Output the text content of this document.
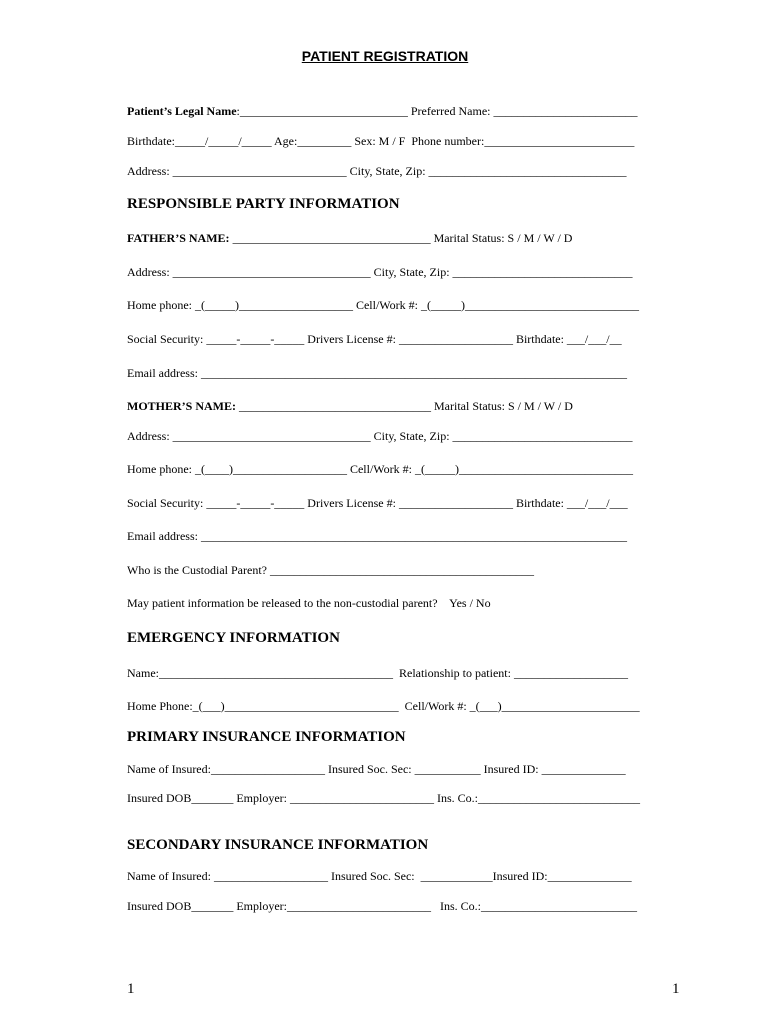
PATIENT REGISTRATION
Patient’s Legal Name:____________________________ Preferred Name: ________________________
Birthdate:_____/_____/_____ Age:_________ Sex: M / F  Phone number:_________________________
Address: _____________________________ City, State, Zip: _________________________________
RESPONSIBLE PARTY INFORMATION
FATHER’S NAME: _________________________________ Marital Status: S / M / W / D
Address: _________________________________ City, State, Zip: ______________________________
Home phone: _(_____)___________________ Cell/Work #: _(_____)_____________________________
Social Security: _____-_____-_____ Drivers License #: ___________________ Birthdate: ___/___/__
Email address: _______________________________________________________________________
MOTHER’S NAME: ________________________________ Marital Status: S / M / W / D
Address: _________________________________ City, State, Zip: ______________________________
Home phone: _(____)___________________ Cell/Work #: _(_____)_____________________________
Social Security: _____-_____-_____ Drivers License #: ___________________ Birthdate: ___/___/___
Email address: _______________________________________________________________________
Who is the Custodial Parent? ____________________________________________
May patient information be released to the non-custodial parent?    Yes / No
EMERGENCY INFORMATION
Name:_______________________________________  Relationship to patient: ___________________
Home Phone:_(___)_____________________________  Cell/Work #: _(___)_______________________
PRIMARY INSURANCE INFORMATION
Name of Insured:___________________ Insured Soc. Sec: ___________ Insured ID: ______________
Insured DOB_______ Employer: ________________________ Ins. Co.:___________________________
SECONDARY INSURANCE INFORMATION
Name of Insured: ___________________ Insured Soc. Sec:  ____________Insured ID:______________
Insured DOB_______ Employer:________________________   Ins. Co.:__________________________
1	1
